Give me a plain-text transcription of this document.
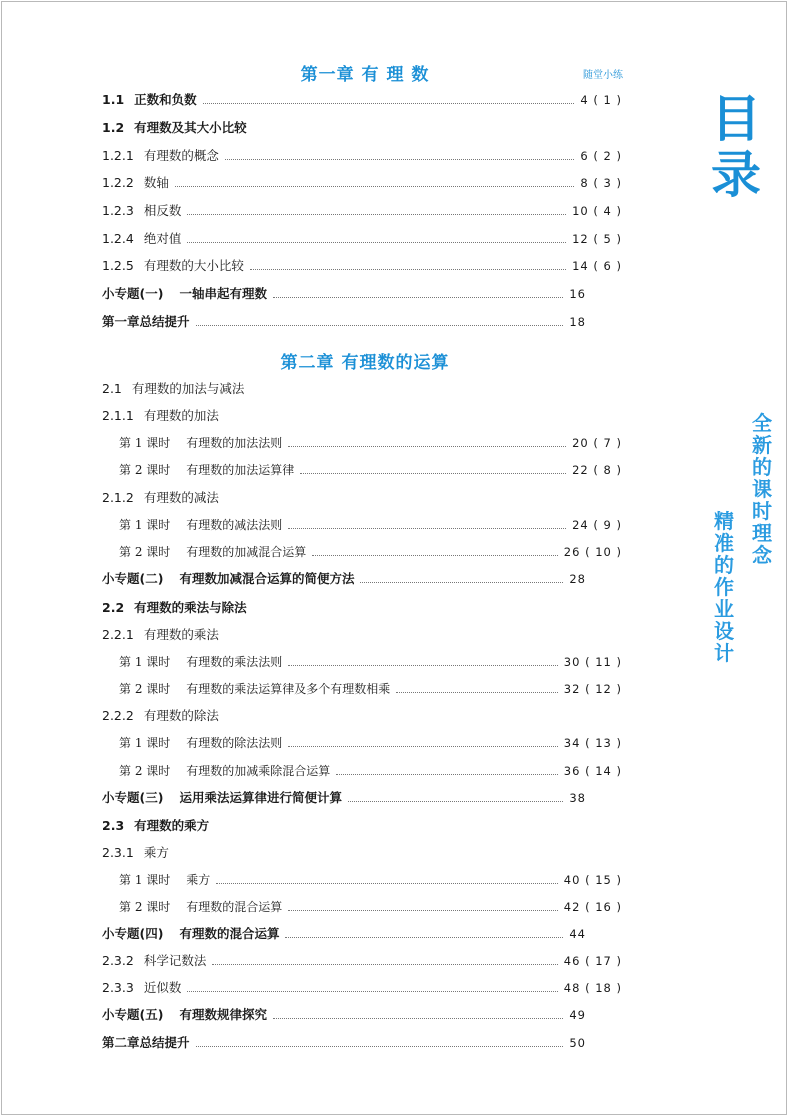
第一章 有 理 数	随堂小练
第二章 有理数的运算
目
录
全新的课时理念
精准的作业设计
1.1 正数和负数	4 ( 1 )
1.2 有理数及其大小比较
1.2.1 有理数的概念	6 ( 2 )
1.2.2 数轴	8 ( 3 )
1.2.3 相反数	10 ( 4 )
1.2.4 绝对值	12 ( 5 )
1.2.5 有理数的大小比较	14 ( 6 )
小专题(一) 一轴串起有理数	16
第一章总结提升	18
2.1 有理数的加法与减法
2.1.1 有理数的加法
第 1 课时 有理数的加法法则	20 ( 7 )
第 2 课时 有理数的加法运算律	22 ( 8 )
2.1.2 有理数的减法
第 1 课时 有理数的减法法则	24 ( 9 )
第 2 课时 有理数的加减混合运算	26 ( 10 )
小专题(二) 有理数加减混合运算的简便方法	28
2.2 有理数的乘法与除法
2.2.1 有理数的乘法
第 1 课时 有理数的乘法法则	30 ( 11 )
第 2 课时 有理数的乘法运算律及多个有理数相乘	32 ( 12 )
2.2.2 有理数的除法
第 1 课时 有理数的除法法则	34 ( 13 )
第 2 课时 有理数的加减乘除混合运算	36 ( 14 )
小专题(三) 运用乘法运算律进行简便计算	38
2.3 有理数的乘方
2.3.1 乘方
第 1 课时 乘方	40 ( 15 )
第 2 课时 有理数的混合运算	42 ( 16 )
小专题(四) 有理数的混合运算	44
2.3.2 科学记数法	46 ( 17 )
2.3.3 近似数	48 ( 18 )
小专题(五) 有理数规律探究	49
第二章总结提升	50
